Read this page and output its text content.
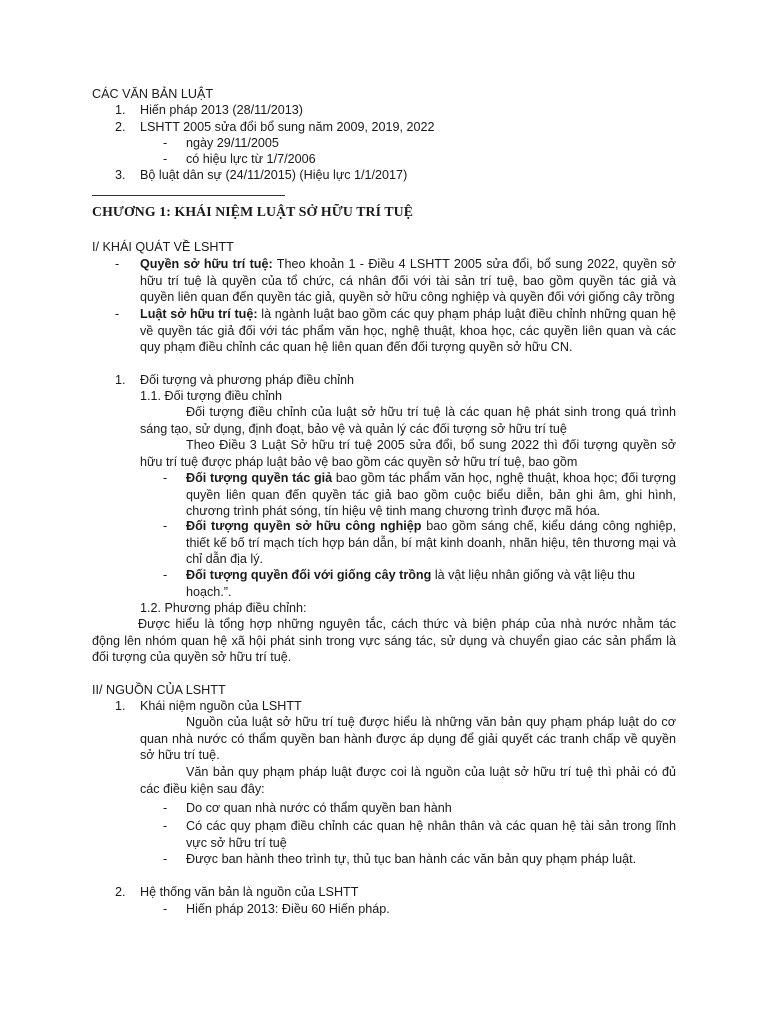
CÁC VĂN BẢN LUẬT
1. Hiến pháp 2013 (28/11/2013)
2. LSHTT 2005 sửa đổi bổ sung năm 2009, 2019, 2022
- ngày 29/11/2005
- có hiệu lực từ 1/7/2006
3. Bộ luật dân sự (24/11/2015) (Hiệu lực 1/1/2017)
CHƯƠNG 1: KHÁI NIỆM LUẬT SỞ HỮU TRÍ TUỆ
I/ KHÁI QUÁT VỀ LSHTT
- Quyền sở hữu trí tuệ: Theo khoản 1 - Điều 4 LSHTT 2005 sửa đổi, bổ sung 2022, quyền sở hữu trí tuệ là quyền của tổ chức, cá nhân đối với tài sản trí tuệ, bao gồm quyền tác giả và quyền liên quan đến quyền tác giả, quyền sở hữu công nghiệp và quyền đối với giống cây trồng
- Luật sở hữu trí tuệ: là ngành luật bao gồm các quy phạm pháp luật điều chỉnh những quan hệ về quyền tác giả đối với tác phẩm văn học, nghệ thuật, khoa học, các quyền liên quan và các quy phạm điều chỉnh các quan hệ liên quan đến đối tượng quyền sở hữu CN.
1. Đối tượng và phương pháp điều chỉnh
1.1. Đối tượng điều chỉnh
Đối tượng điều chỉnh của luật sở hữu trí tuệ là các quan hệ phát sinh trong quá trình sáng tạo, sử dụng, định đoạt, bảo vệ và quản lý các đối tượng sở hữu trí tuệ
Theo Điều 3 Luật Sở hữu trí tuệ 2005 sửa đổi, bổ sung 2022 thì đối tượng quyền sở hữu trí tuệ được pháp luật bảo vệ bao gồm các quyền sở hữu trí tuệ, bao gồm
- Đối tượng quyền tác giả bao gồm tác phẩm văn học, nghệ thuật, khoa học; đối tượng quyền liên quan đến quyền tác giả bao gồm cuộc biểu diễn, bản ghi âm, ghi hình, chương trình phát sóng, tín hiệu vệ tinh mang chương trình được mã hóa.
- Đối tượng quyền sở hữu công nghiệp bao gồm sáng chế, kiểu dáng công nghiệp, thiết kế bố trí mạch tích hợp bán dẫn, bí mật kinh doanh, nhãn hiệu, tên thương mại và chỉ dẫn địa lý.
- Đối tượng quyền đối với giống cây trồng là vật liệu nhân giống và vật liệu thu hoạch.”.
1.2. Phương pháp điều chỉnh:
Được hiểu là tổng hợp những nguyên tắc, cách thức và biện pháp của nhà nước nhằm tác động lên nhóm quan hệ xã hội phát sinh trong vực sáng tác, sử dụng và chuyển giao các sản phẩm là đối tượng của quyền sở hữu trí tuệ.
II/ NGUỒN CỦA LSHTT
1. Khái niệm nguồn của LSHTT
Nguồn của luật sở hữu trí tuệ được hiểu là những văn bản quy phạm pháp luật do cơ quan nhà nước có thẩm quyền ban hành được áp dụng để giải quyết các tranh chấp về quyền sở hữu trí tuệ.
Văn bản quy phạm pháp luật được coi là nguồn của luật sở hữu trí tuệ thì phải có đủ các điều kiện sau đây:
- Do cơ quan nhà nước có thẩm quyền ban hành
- Có các quy phạm điều chỉnh các quan hệ nhân thân và các quan hệ tài sản trong lĩnh vực sở hữu trí tuệ
- Được ban hành theo trình tự, thủ tục ban hành các văn bản quy phạm pháp luật.
2. Hệ thống văn bản là nguồn của LSHTT
- Hiến pháp 2013: Điều 60 Hiến pháp.
